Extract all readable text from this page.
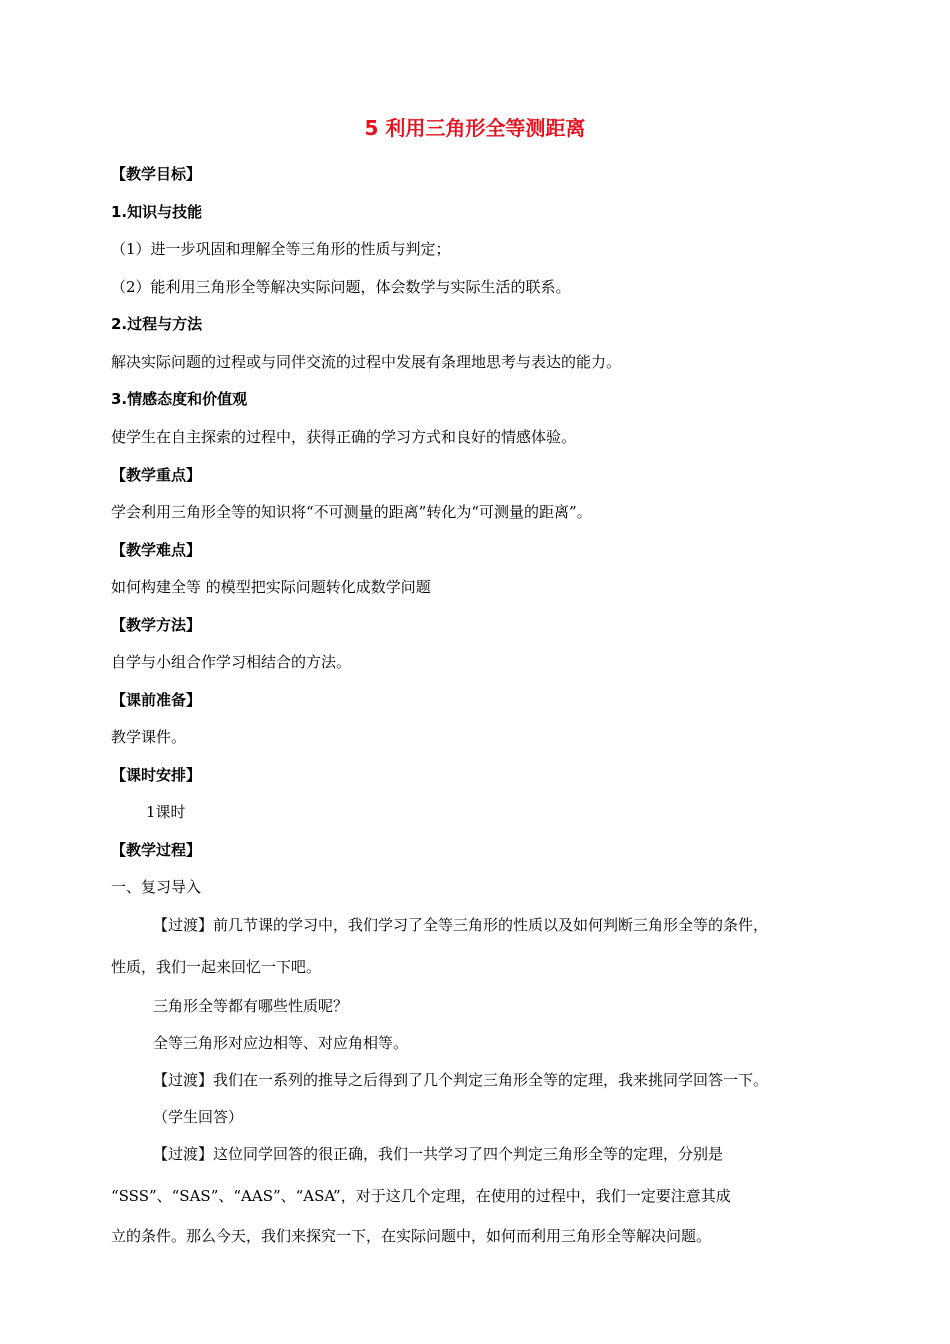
5 利用三角形全等测距离
【教学目标】
1.知识与技能
（1）进一步巩固和理解全等三角形的性质与判定；
（2）能利用三角形全等解决实际问题，体会数学与实际生活的联系。
2.过程与方法
解决实际问题的过程或与同伴交流的过程中发展有条理地思考与表达的能力。
3.情感态度和价值观
使学生在自主探索的过程中，获得正确的学习方式和良好的情感体验。
【教学重点】
学会利用三角形全等的知识将“不可测量的距离”转化为“可测量的距离”。
【教学难点】
如何构建全等 的模型把实际问题转化成数学问题
【教学方法】
自学与小组合作学习相结合的方法。
【课前准备】
教学课件。
【课时安排】
1课时
【教学过程】
一、复习导入
【过渡】前几节课的学习中，我们学习了全等三角形的性质以及如何判断三角形全等的条件，
性质，我们一起来回忆一下吧。
三角形全等都有哪些性质呢？
全等三角形对应边相等、对应角相等。
【过渡】我们在一系列的推导之后得到了几个判定三角形全等的定理，我来挑同学回答一下。
（学生回答）
【过渡】这位同学回答的很正确，我们一共学习了四个判定三角形全等的定理，分别是
“SSS”、“SAS”、“AAS”、“ASA”，对于这几个定理，在使用的过程中，我们一定要注意其成
立的条件。那么今天，我们来探究一下，在实际问题中，如何而利用三角形全等解决问题。
